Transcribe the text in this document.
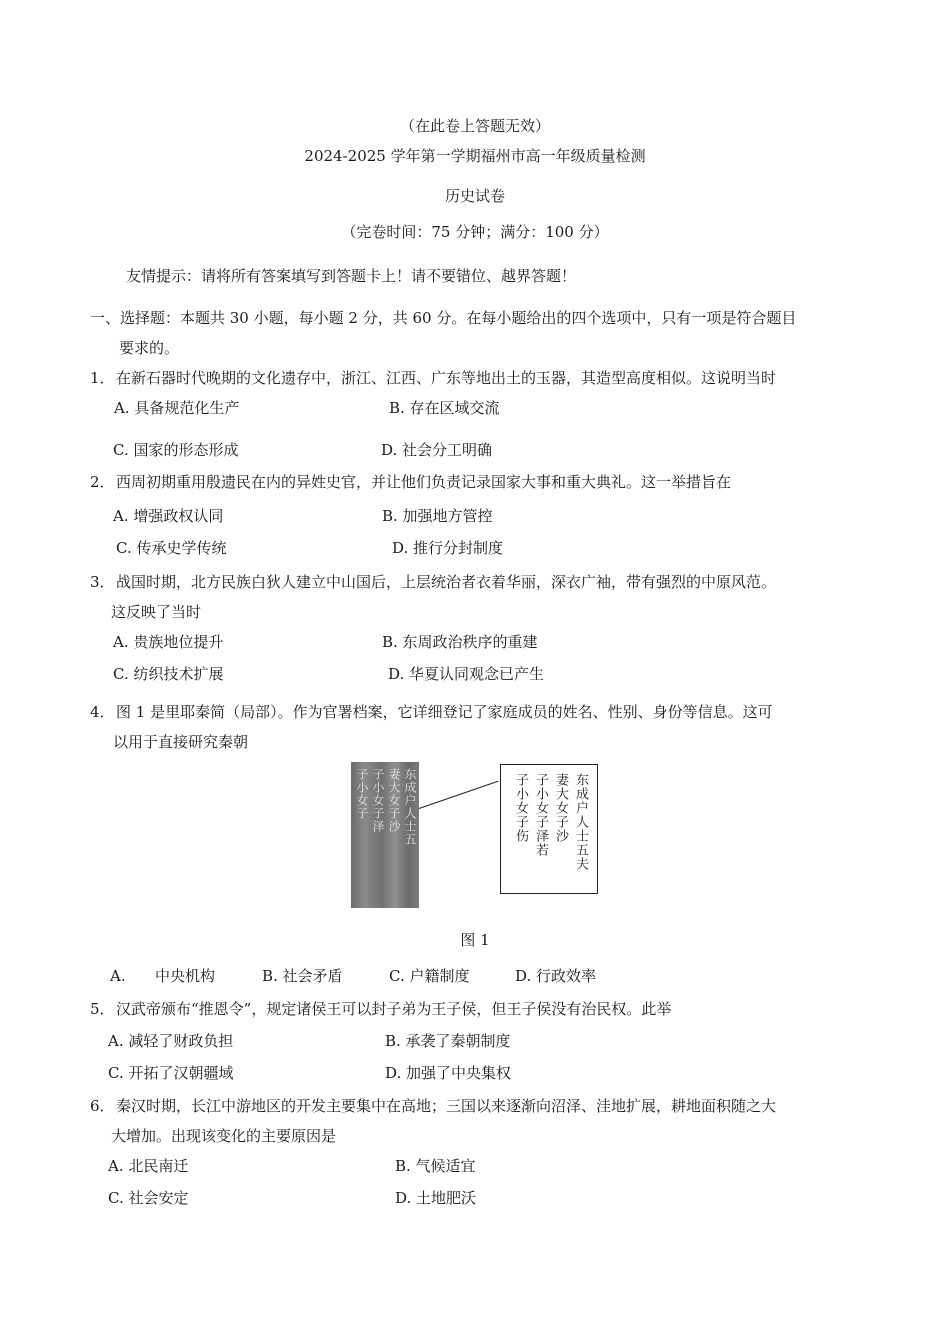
（在此卷上答题无效）
2024-2025 学年第一学期福州市高一年级质量检测
历史试卷
（完卷时间：75 分钟；满分：100 分）
友情提示：请将所有答案填写到答题卡上！请不要错位、越界答题！
一、选择题：本题共 30 小题，每小题 2 分，共 60 分。在每小题给出的四个选项中，只有一项是符合题目
要求的。
1． 在新石器时代晚期的文化遗存中，浙江、江西、广东等地出土的玉器，其造型高度相似。这说明当时
A. 具备规范化生产	B. 存在区域交流
C. 国家的形态形成	D. 社会分工明确
2． 西周初期重用殷遗民在内的异姓史官，并让他们负责记录国家大事和重大典礼。这一举措旨在
A. 增强政权认同	B. 加强地方管控
C. 传承史学传统	D. 推行分封制度
3． 战国时期，北方民族白狄人建立中山国后，上层统治者衣着华丽，深衣广袖，带有强烈的中原风范。
这反映了当时
A. 贵族地位提升	B. 东周政治秩序的重建
C. 纺织技术扩展	D. 华夏认同观念已产生
4． 图 1 是里耶秦简（局部）。作为官署档案，它详细登记了家庭成员的姓名、性别、身份等信息。这可
以用于直接研究秦朝
东成户人士五
妻大女子沙
子小女子泽
子小女子	东成户人士五夫
妻大女子沙
子小女子泽若
子小女子伤
图 1
A. 中央机构	B. 社会矛盾	C. 户籍制度	D. 行政效率
5． 汉武帝颁布“推恩令”，规定诸侯王可以封子弟为王子侯，但王子侯没有治民权。此举
A. 减轻了财政负担	B. 承袭了秦朝制度
C. 开拓了汉朝疆域	D. 加强了中央集权
6． 秦汉时期，长江中游地区的开发主要集中在高地；三国以来逐渐向沼泽、洼地扩展，耕地面积随之大
大增加。出现该变化的主要原因是
A. 北民南迁	B. 气候适宜
C. 社会安定	D. 土地肥沃
